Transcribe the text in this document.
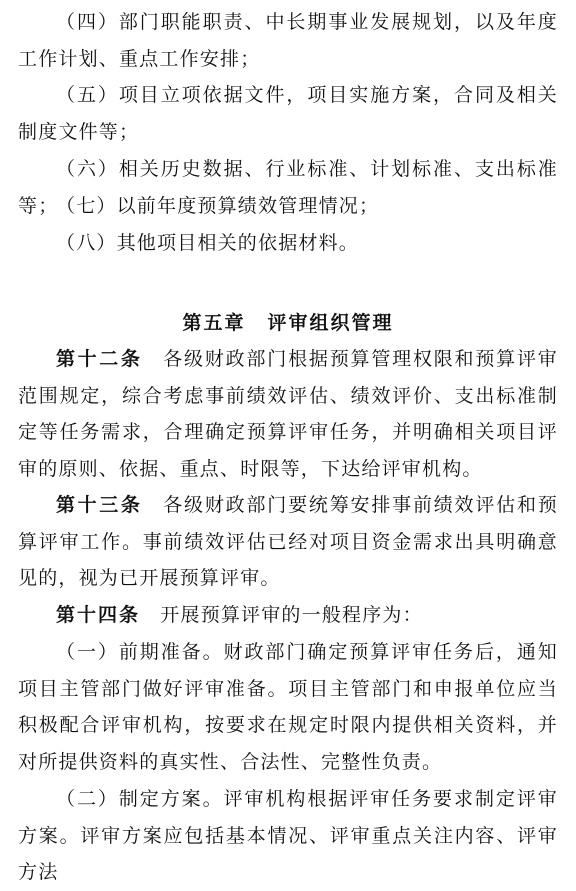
（四）部门职能职责、中长期事业发展规划，以及年度工作计划、重点工作安排；

（五）项目立项依据文件，项目实施方案，合同及相关制度文件等；

（六）相关历史数据、行业标准、计划标准、支出标准等；

（七）以前年度预算绩效管理情况；

（八）其他项目相关的依据材料。

第五章 评审组织管理

第十二条　 各级财政部门根据预算管理权限和预算评审范围规定，综合考虑事前绩效评估、绩效评价、支出标准制定等任务需求，合理确定预算评审任务，并明确相关项目评审的原则、依据、重点、时限等，下达给评审机构。

第十三条　 各级财政部门要统筹安排事前绩效评估和预算评审工作。事前绩效评估已经对项目资金需求出具明确意见的，视为已开展预算评审。

第十四条　 开展预算评审的一般程序为：

（一）前期准备。财政部门确定预算评审任务后，通知项目主管部门做好评审准备。项目主管部门和申报单位应当积极配合评审机构，按要求在规定时限内提供相关资料，并对所提供资料的真实性、合法性、完整性负责。

（二）制定方案。评审机构根据评审任务要求制定评审方案。评审方案应包括基本情况、评审重点关注内容、评审方法
